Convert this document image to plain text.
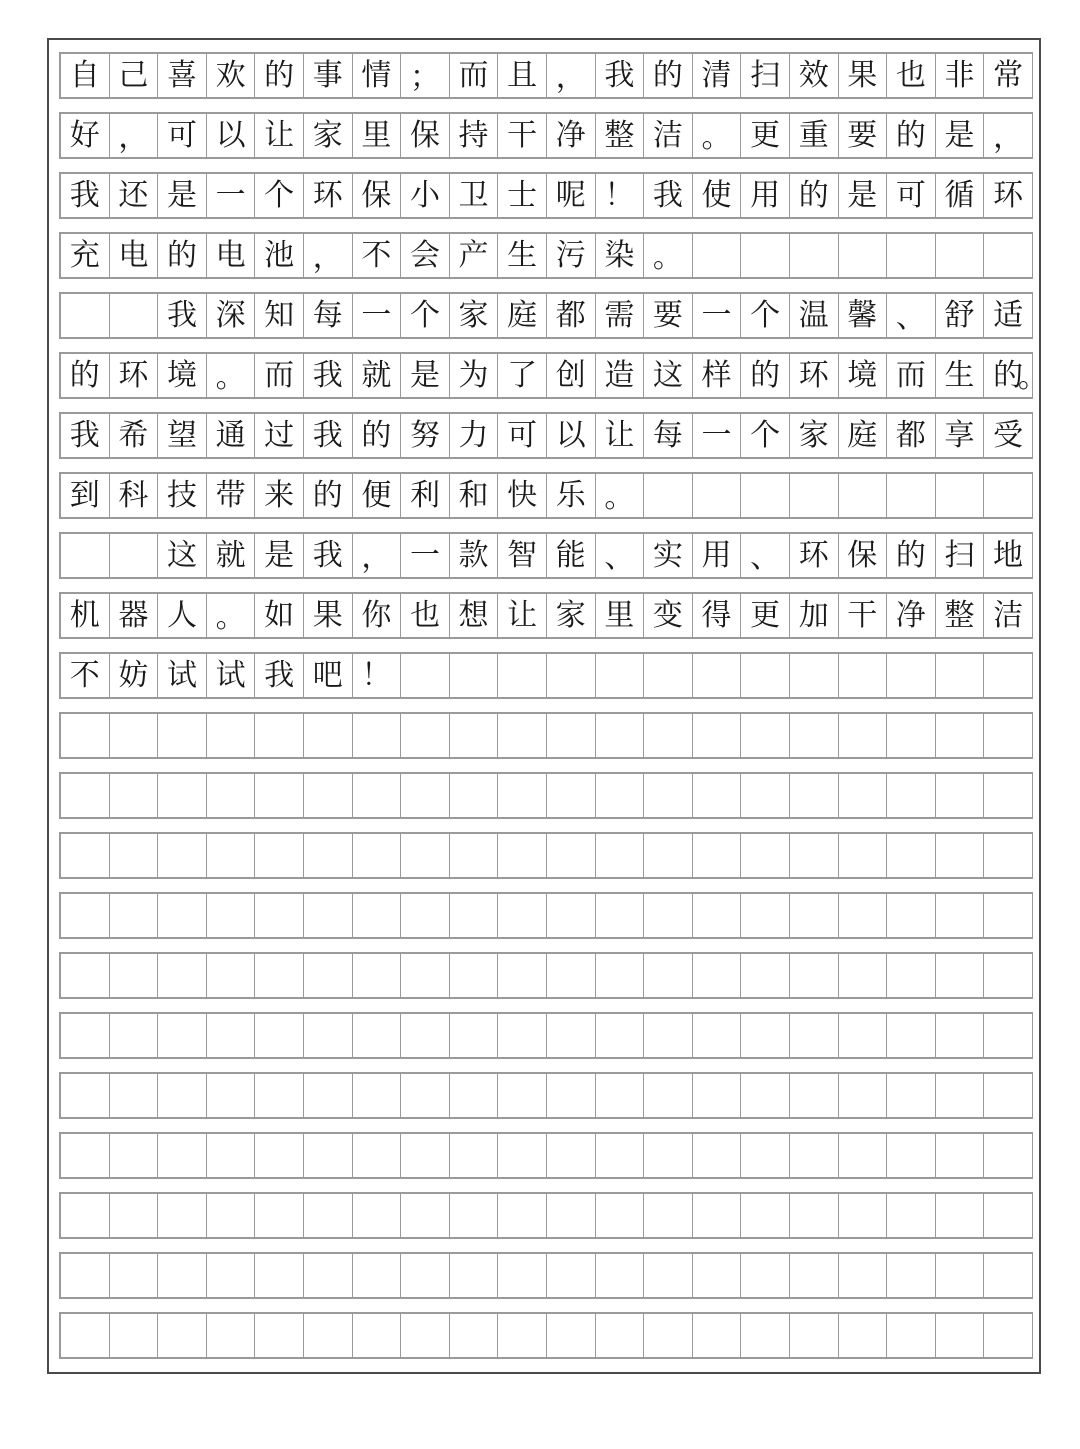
自 己 喜 欢 的 事 情 ； 而 且 ， 我 的 清 扫 效 果 也 非 常
好 ， 可 以 让 家 里 保 持 干 净 整 洁 。 更 重 要 的 是 ，
我 还 是 一 个 环 保 小 卫 士 呢 ！ 我 使 用 的 是 可 循 环
充 电 的 电 池 ， 不 会 产 生 污 染 。
我 深 知 每 一 个 家 庭 都 需 要 一 个 温 馨 、 舒 适
的 环 境 。 而 我 就 是 为 了 创 造 这 样 的 环 境 而 生 的
。
我 希 望 通 过 我 的 努 力 可 以 让 每 一 个 家 庭 都 享 受
到 科 技 带 来 的 便 利 和 快 乐 。
这 就 是 我 ， 一 款 智 能 、 实 用 、 环 保 的 扫 地
机 器 人 。 如 果 你 也 想 让 家 里 变 得 更 加 干 净 整 洁
不 妨 试 试 我 吧 ！
